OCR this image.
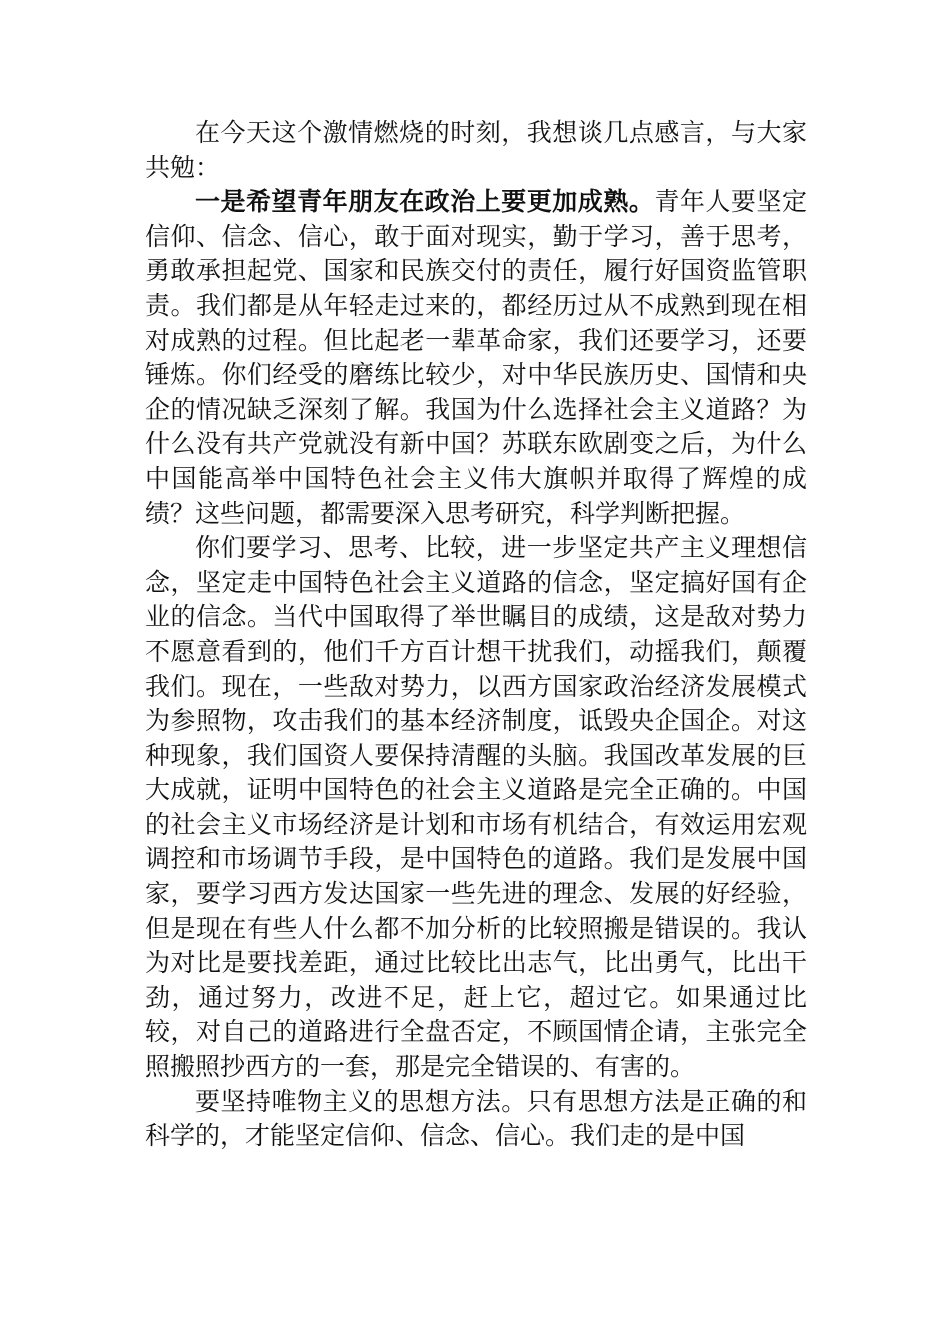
在今天这个激情燃烧的时刻，我想谈几点感言，与大家共勉：

一是希望青年朋友在政治上要更加成熟。青年人要坚定信仰、信念、信心，敢于面对现实，勤于学习，善于思考，勇敢承担起党、国家和民族交付的责任，履行好国资监管职责。我们都是从年轻走过来的，都经历过从不成熟到现在相对成熟的过程。但比起老一辈革命家，我们还要学习，还要锤炼。你们经受的磨练比较少，对中华民族历史、国情和央企的情况缺乏深刻了解。我国为什么选择社会主义道路？为什么没有共产党就没有新中国？苏联东欧剧变之后，为什么中国能高举中国特色社会主义伟大旗帜并取得了辉煌的成绩？这些问题，都需要深入思考研究，科学判断把握。

你们要学习、思考、比较，进一步坚定共产主义理想信念，坚定走中国特色社会主义道路的信念，坚定搞好国有企业的信念。当代中国取得了举世瞩目的成绩，这是敌对势力不愿意看到的，他们千方百计想干扰我们，动摇我们，颠覆我们。现在，一些敌对势力，以西方国家政治经济发展模式为参照物，攻击我们的基本经济制度，诋毁央企国企。对这种现象，我们国资人要保持清醒的头脑。我国改革发展的巨大成就，证明中国特色的社会主义道路是完全正确的。中国的社会主义市场经济是计划和市场有机结合，有效运用宏观调控和市场调节手段，是中国特色的道路。我们是发展中国家，要学习西方发达国家一些先进的理念、发展的好经验，但是现在有些人什么都不加分析的比较照搬是错误的。我认为对比是要找差距，通过比较比出志气，比出勇气，比出干劲，通过努力，改进不足，赶上它，超过它。如果通过比较，对自己的道路进行全盘否定，不顾国情企请，主张完全照搬照抄西方的一套，那是完全错误的、有害的。

要坚持唯物主义的思想方法。只有思想方法是正确的和科学的，才能坚定信仰、信念、信心。我们走的是中国
